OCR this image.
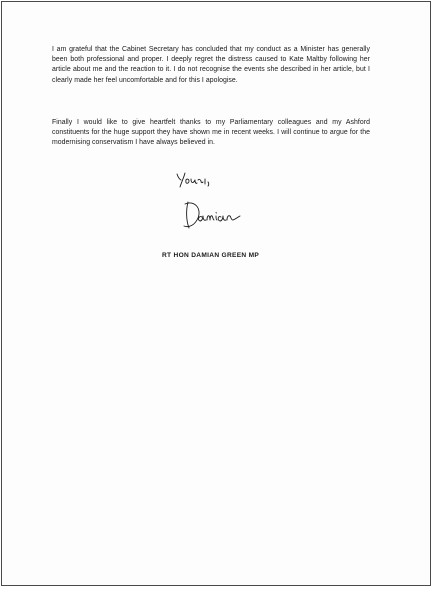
I am grateful that the Cabinet Secretary has concluded that my conduct as a Minister has generally been both professional and proper. I deeply regret the distress caused to Kate Maltby following her article about me and the reaction to it. I do not recognise the events she described in her article, but I clearly made her feel uncomfortable and for this I apologise.

Finally I would like to give heartfelt thanks to my Parliamentary colleagues and my Ashford constituents for the huge support they have shown me in recent weeks. I will continue to argue for the modernising conservatism I have always believed in.

RT HON DAMIAN GREEN MP
